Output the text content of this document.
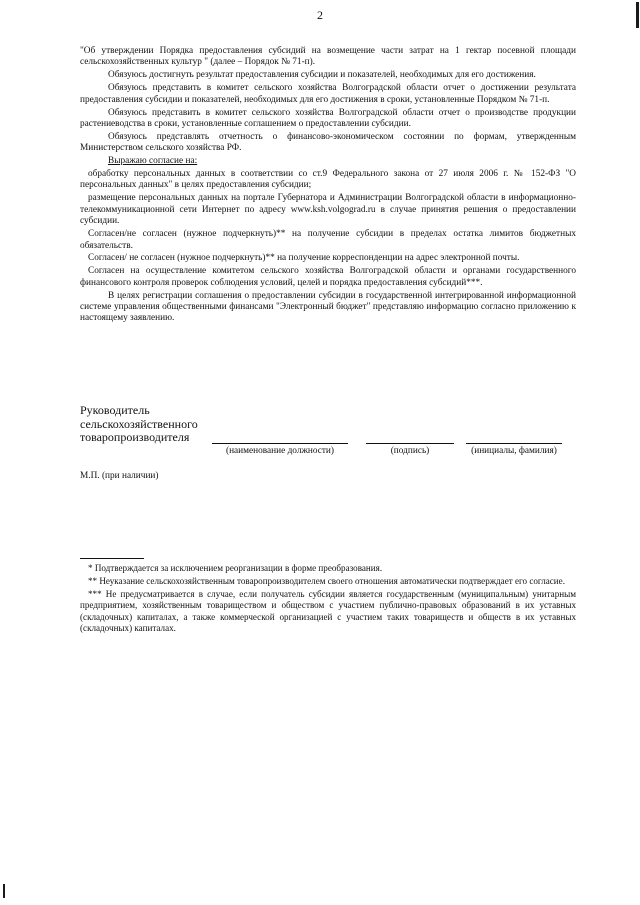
2

"Об утверждении Порядка предоставления субсидий на возмещение части затрат на 1 гектар посевной площади сельскохозяйственных культур " (далее – Порядок № 71-п).

Обязуюсь достигнуть результат предоставления субсидии и показателей, необходимых для его достижения.

Обязуюсь представить в комитет сельского хозяйства Волгоградской области отчет о достижении результата предоставления субсидии и показателей, необходимых для его достижения в сроки, установленные Порядком № 71-п.

Обязуюсь представить в комитет сельского хозяйства Волгоградской области отчет о производстве продукции растениеводства в сроки, установленные соглашением о предоставлении субсидии.

Обязуюсь представлять отчетность о финансово-экономическом состоянии по формам, утвержденным Министерством сельского хозяйства РФ.

Выражаю согласие на:

обработку персональных данных в соответствии со ст.9 Федерального закона от 27 июля 2006 г. № 152-ФЗ "О персональных данных" в целях предоставления субсидии;

размещение персональных данных на портале Губернатора и Администрации Волгоградской области в информационно-телекоммуникационной сети Интернет по адресу www.ksh.volgograd.ru в случае принятия решения о предоставлении субсидии.

Согласен/не согласен (нужное подчеркнуть)** на получение субсидии в пределах остатка лимитов бюджетных обязательств.

Согласен/ не согласен (нужное подчеркнуть)** на получение корреспонденции на адрес электронной почты.

Согласен на осуществление комитетом сельского хозяйства Волгоградской области и органами государственного финансового контроля проверок соблюдения условий, целей и порядка предоставления субсидий***.

В целях регистрации соглашения о предоставлении субсидии в государственной интегрированной информационной системе управления общественными финансами "Электронный бюджет" представляю информацию согласно приложению к настоящему заявлению.

Руководитель
сельскохозяйственного
товаропроизводителя
(наименование должности)	(подпись)	(инициалы, фамилия)
М.П. (при наличии)

* Подтверждается за исключением реорганизации в форме преобразования.

** Неуказание сельскохозяйственным товаропроизводителем своего отношения автоматически подтверждает его согласие.

*** Не предусматривается в случае, если получатель субсидии является государственным (муниципальным) унитарным предприятием, хозяйственным товариществом и обществом с участием публично-правовых образований в их уставных (складочных) капиталах, а также коммерческой организацией с участием таких товариществ и обществ в их уставных (складочных) капиталах.
